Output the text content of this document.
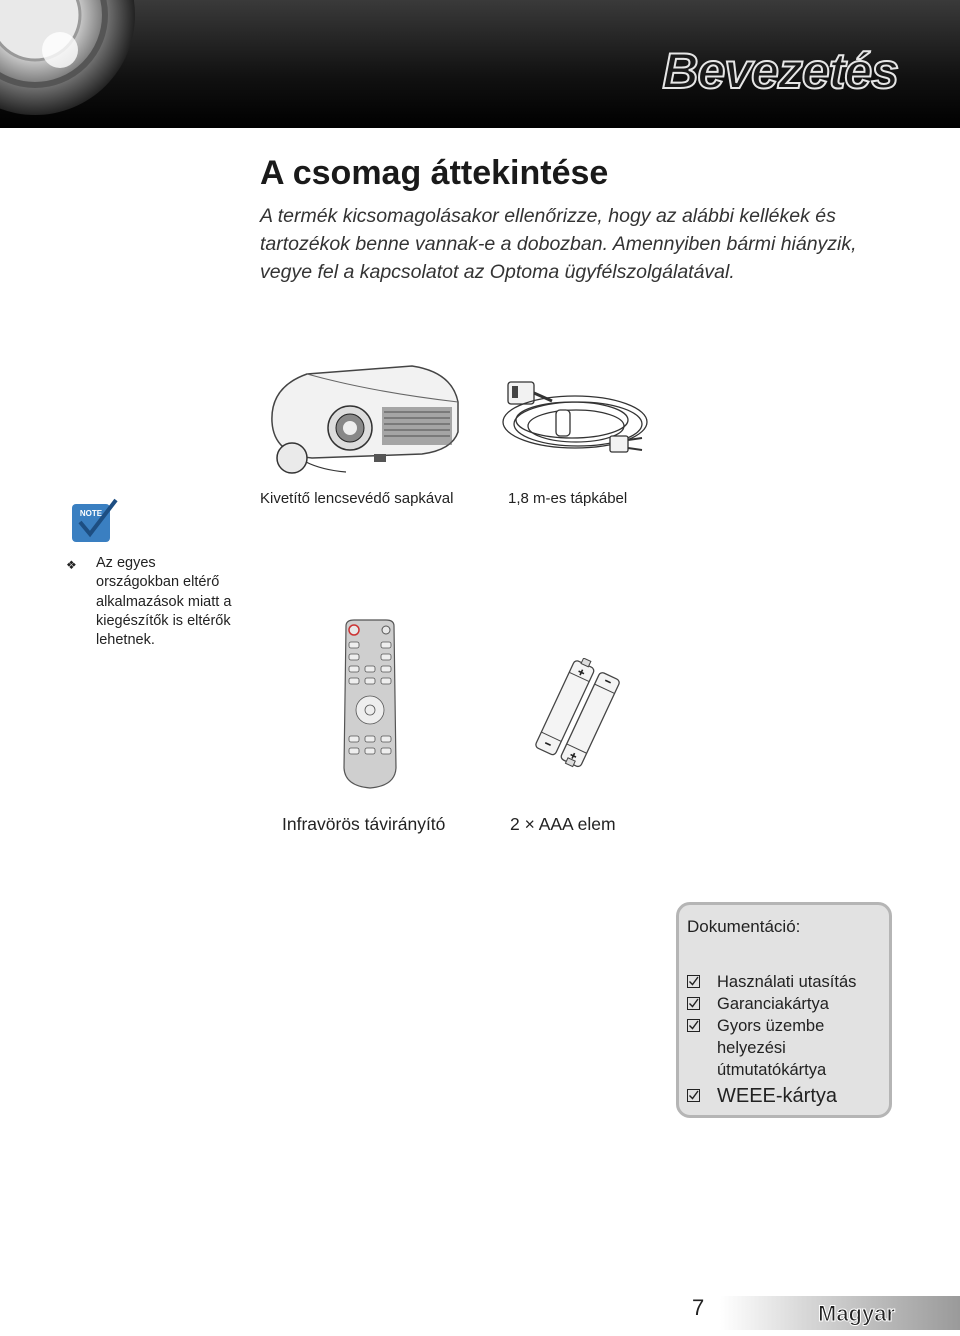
Bevezetés
A csomag áttekintése

A termék kicsomagolásakor ellenőrizze, hogy az alábbi kellékek és tartozékok benne vannak-e a dobozban. Amennyiben bármi hiányzik, vegye fel a kapcsolatot az Optoma ügyfélszolgálatával.

Kivetítő lencsevédő sapkával	1,8 m-es tápkábel
NOTE
❖	Az egyes országokban eltérő alkalmazások miatt a kiegészítők is eltérők lehetnek.
Infravörös távirányító	2 × AAA elem
Dokumentáció:
Használati utasítás
Garanciakártya
Gyors üzembe helyezési útmutatókártya
WEEE-kártya
7	Magyar
